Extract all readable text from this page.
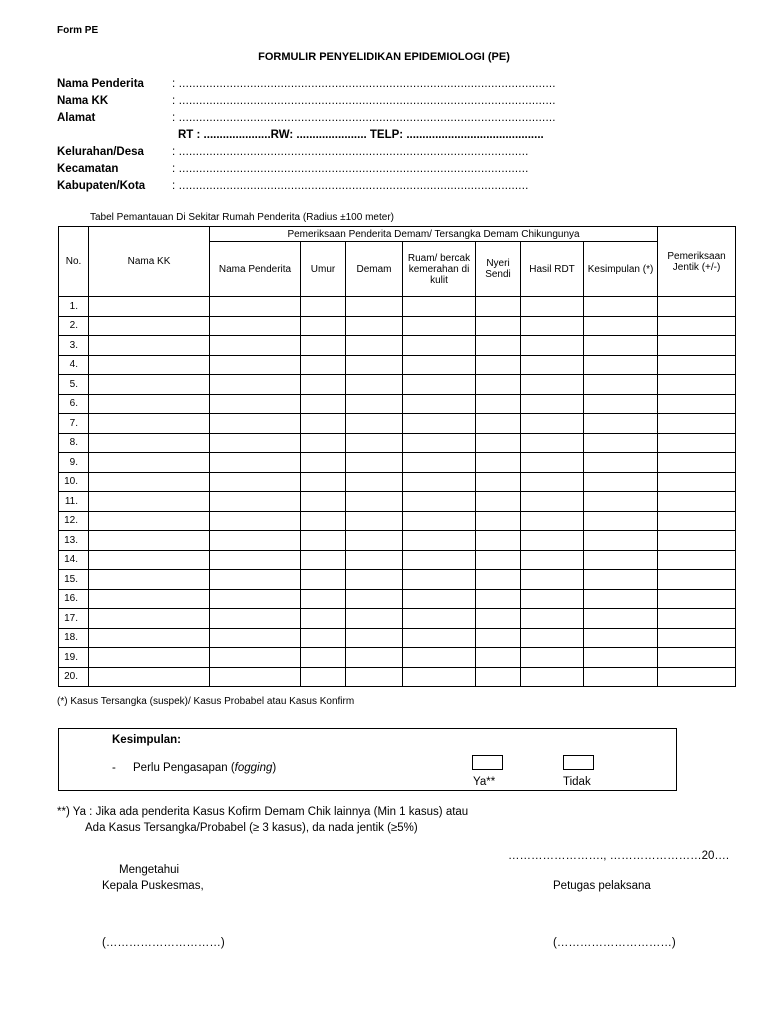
Form PE
FORMULIR PENYELIDIKAN EPIDEMIOLOGI (PE)
Nama Penderita : ...............................................................................................................
Nama KK	: ...............................................................................................................
Alamat	: ...............................................................................................................
RT : .....................RW: ...................... TELP: ...........................................
Kelurahan/Desa : .......................................................................................................
Kecamatan	: .......................................................................................................
Kabupaten/Kota : .......................................................................................................
Tabel Pemantauan Di Sekitar Rumah Penderita (Radius ±100 meter)
No.	Nama KK	Pemeriksaan Penderita Demam/ Tersangka Demam Chikungunya							Pemeriksaan Jentik (+/-)
		Nama Penderita	Umur	Demam	Ruam/ bercak kemerahan di kulit	Nyeri Sendi	Hasil RDT	Kesimpulan (*)	
1.									
2.									
3.									
4.									
5.									
6.									
7.									
8.									
9.									
10.									
11.									
12.									
13.									
14.									
15.									
16.									
17.									
18.									
19.									
20.									
(*) Kasus Tersangka (suspek)/ Kasus Probabel atau Kasus Konfirm
Kesimpulan:
- Perlu Pengasapan (fogging)
Ya**	Tidak
**) Ya : Jika ada penderita Kasus Kofirm Demam Chik lainnya (Min 1 kasus) atau
Ada Kasus Tersangka/Probabel (≥ 3 kasus), da nada jentik (≥5%)
……………………., ……………………20….
Mengetahui
Kepala Puskesmas,	Petugas pelaksana
(…………………………)	(…………………………)
